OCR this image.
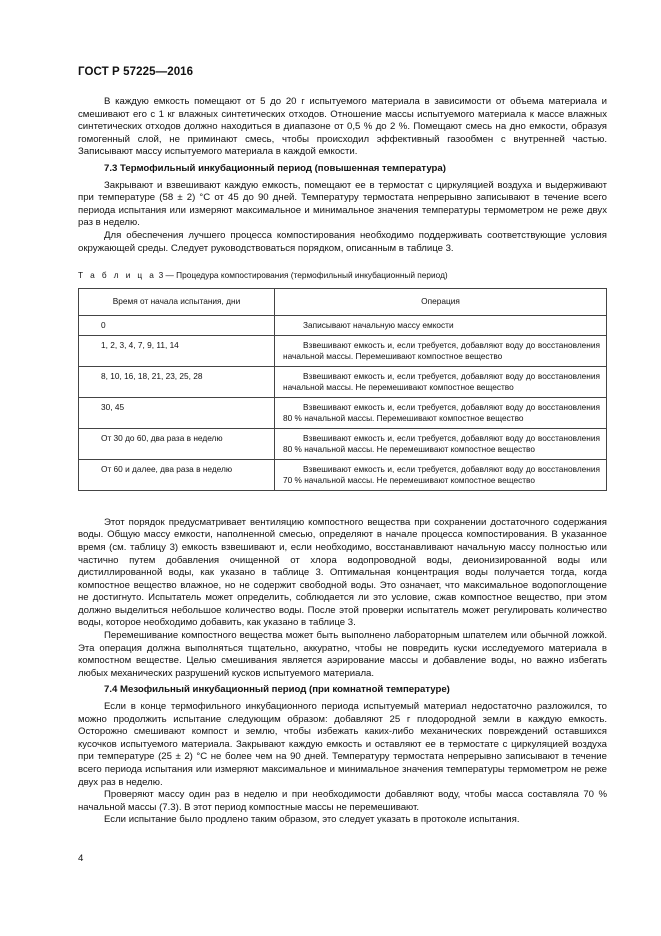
ГОСТ Р 57225—2016

В каждую емкость помещают от 5 до 20 г испытуемого материала в зависимости от объема материала и смешивают его с 1 кг влажных синтетических отходов. Отношение массы испытуемого материала к массе влажных синтетических отходов должно находиться в диапазоне от 0,5 % до 2 %. Помещают смесь на дно емкости, образуя гомогенный слой, не приминают смесь, чтобы происходил эффективный газообмен с внутренней частью. Записывают массу испытуемого материала в каждой емкости.

7.3 Термофильный инкубационный период (повышенная температура)

Закрывают и взвешивают каждую емкость, помещают ее в термостат с циркуляцией воздуха и выдерживают при температуре (58 ± 2) °С от 45 до 90 дней. Температуру термостата непрерывно записывают в течение всего периода испытания или измеряют максимальное и минимальное значения температуры термометром не реже двух раз в неделю.

Для обеспечения лучшего процесса компостирования необходимо поддерживать соответствующие условия окружающей среды. Следует руководствоваться порядком, описанным в таблице 3.

Т а б л и ц а 3 — Процедура компостирования (термофильный инкубационный период)

Время от начала испытания, дни	Операция
0	Записывают начальную массу емкости
1, 2, 3, 4, 7, 9, 11, 14	Взвешивают емкость и, если требуется, добавляют воду до восстановления начальной массы. Перемешивают компостное вещество
8, 10, 16, 18, 21, 23, 25, 28	Взвешивают емкость и, если требуется, добавляют воду до восстановления начальной массы. Не перемешивают компостное вещество
30, 45	Взвешивают емкость и, если требуется, добавляют воду до восстановления 80 % начальной массы. Перемешивают компостное вещество
От 30 до 60, два раза в неделю	Взвешивают емкость и, если требуется, добавляют воду до восстановления 80 % начальной массы. Не перемешивают компостное вещество
От 60 и далее, два раза в неделю	Взвешивают емкость и, если требуется, добавляют воду до восстановления 70 % начальной массы. Не перемешивают компостное вещество

Этот порядок предусматривает вентиляцию компостного вещества при сохранении достаточного содержания воды. Общую массу емкости, наполненной смесью, определяют в начале процесса компостирования. В указанное время (см. таблицу 3) емкость взвешивают и, если необходимо, восстанавливают начальную массу полностью или частично путем добавления очищенной от хлора водопроводной воды, деионизированной воды или дистиллированной воды, как указано в таблице 3. Оптимальная концентрация воды получается тогда, когда компостное вещество влажное, но не содержит свободной воды. Это означает, что максимальное водопоглощение не достигнуто. Испытатель может определить, соблюдается ли это условие, сжав компостное вещество, при этом должно выделиться небольшое количество воды. После этой проверки испытатель может регулировать количество воды, которое необходимо добавить, как указано в таблице 3.

Перемешивание компостного вещества может быть выполнено лабораторным шпателем или обычной ложкой. Эта операция должна выполняться тщательно, аккуратно, чтобы не повредить куски исследуемого материала в компостном веществе. Целью смешивания является аэрирование массы и добавление воды, но важно избегать любых механических разрушений кусков испытуемого материала.

7.4 Мезофильный инкубационный период (при комнатной температуре)

Если в конце термофильного инкубационного периода испытуемый материал недостаточно разложился, то можно продолжить испытание следующим образом: добавляют 25 г плодородной земли в каждую емкость. Осторожно смешивают компост и землю, чтобы избежать каких-либо механических повреждений оставшихся кусочков испытуемого материала. Закрывают каждую емкость и оставляют ее в термостате с циркуляцией воздуха при температуре (25 ± 2) °С не более чем на 90 дней. Температуру термостата непрерывно записывают в течение всего периода испытания или измеряют максимальное и минимальное значения температуры термометром не реже двух раз в неделю.

Проверяют массу один раз в неделю и при необходимости добавляют воду, чтобы масса составляла 70 % начальной массы (7.3). В этот период компостные массы не перемешивают.

Если испытание было продлено таким образом, это следует указать в протоколе испытания.

4
